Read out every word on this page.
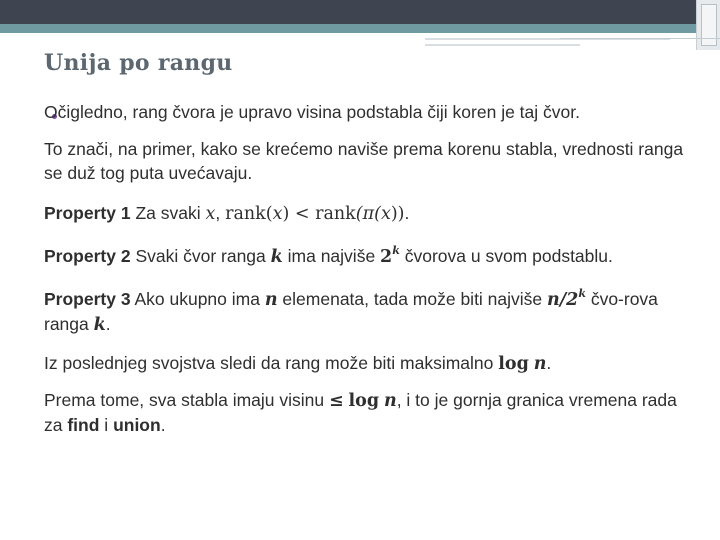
Unija po rangu
Očigledno, rang čvora je upravo visina podstabla čiji koren je taj čvor.
To znači, na primer, kako se krećemo naviše prema korenu stabla, vrednosti ranga se duž tog puta uvećavaju.
Property 1 Za svaki x, rank(x) < rank(π(x)).
Property 2 Svaki čvor ranga k ima najviše 2$^k$ čvorova u svom podstablu.
Property 3 Ako ukupno ima n elemenata, tada može biti najviše n/2$^k$ čvo-rova ranga k.
Iz poslednjeg svojstva sledi da rang može biti maksimalno log n.
Prema tome, sva stabla imaju visinu ≤ log n, i to je gornja granica vremena rada za find i union.
